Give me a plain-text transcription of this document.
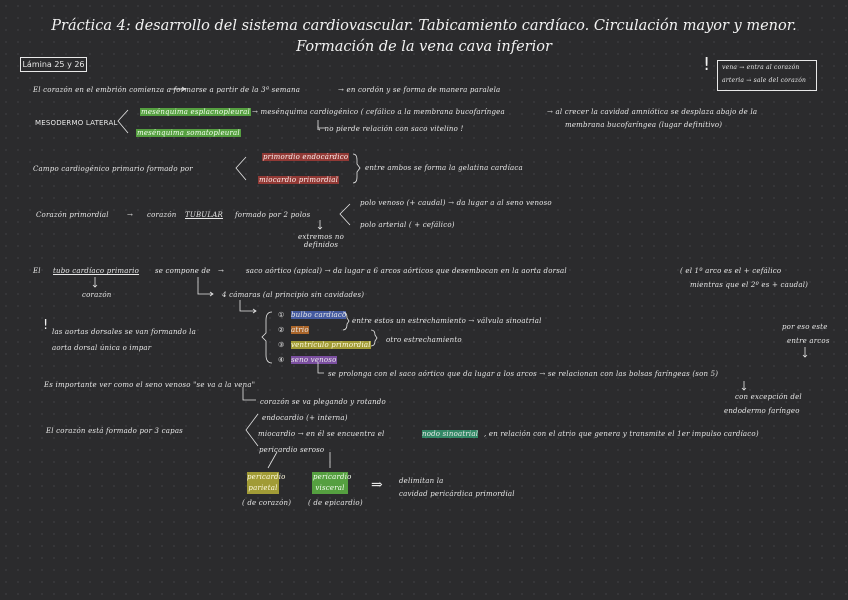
Práctica 4: desarrollo del sistema cardiovascular. Tabicamiento cardíaco. Circulación mayor y menor.
Formación de la vena cava inferior
Lámina 25 y 26	!	vena → entra al corazón
arteria → sale del corazón
El corazón en el embrión comienza a formarse a partir de la 3ª semana	→ en cordón y se forma de manera paralela
MESODERMO LATERAL
mesénquima esplacnopleural
mesénquima somatopleural
→ mesénquima cardiogénico ( cefálico a la membrana bucofaríngea	→ al crecer la cavidad amniótica se desplaza abajo de la
membrana bucofaríngea (lugar definitivo)
↳ no pierde relación con saco vitelino !
Campo cardiogénico primario formado por
primordio endocárdico
miocardio primordial
entre ambos se forma la gelatina cardíaca
Corazón primordial	→ corazón TUBULAR formado por 2 polos
extremos no definidos
polo venoso (+ caudal) → da lugar a al seno venoso
polo arterial ( + cefálico)
El tubo cardíaco primario se compone de →	saco aórtico (apical) → da lugar a 6 arcos aórticos que desembocan en la aorta dorsal	( el 1º arco es el + cefálico
mientras que el 2º es + caudal)
corazón	4 cámaras (al principio sin cavidades)
①
②
③
④
bulbo cardíaco
atrio
ventrículo primordial
seno venoso
entre estos un estrechamiento → válvula sinoatrial
otro estrechamiento
! las aortas dorsales se van formando la aorta dorsal única o impar
por eso este
entre arcos
se prolonga con el saco aórtico que da lugar a los arcos → se relacionan con las bolsas faríngeas (son 5)
con excepción del
endodermo faríngeo
Es importante ver como el seno venoso "se va a la vena"
corazón se va plegando y rotando
El corazón está formado por 3 capas
endocardio (+ interna)
miocardio → en él se encuentra el	nodo sinoatrial , en relación con el atrio que genera y transmite el 1er impulso cardíaco)
pericardio seroso
pericardio parietal
pericardio visceral
( de corazón) ( de epicardio)
⇒ delimitan la
cavidad pericárdica primordial
